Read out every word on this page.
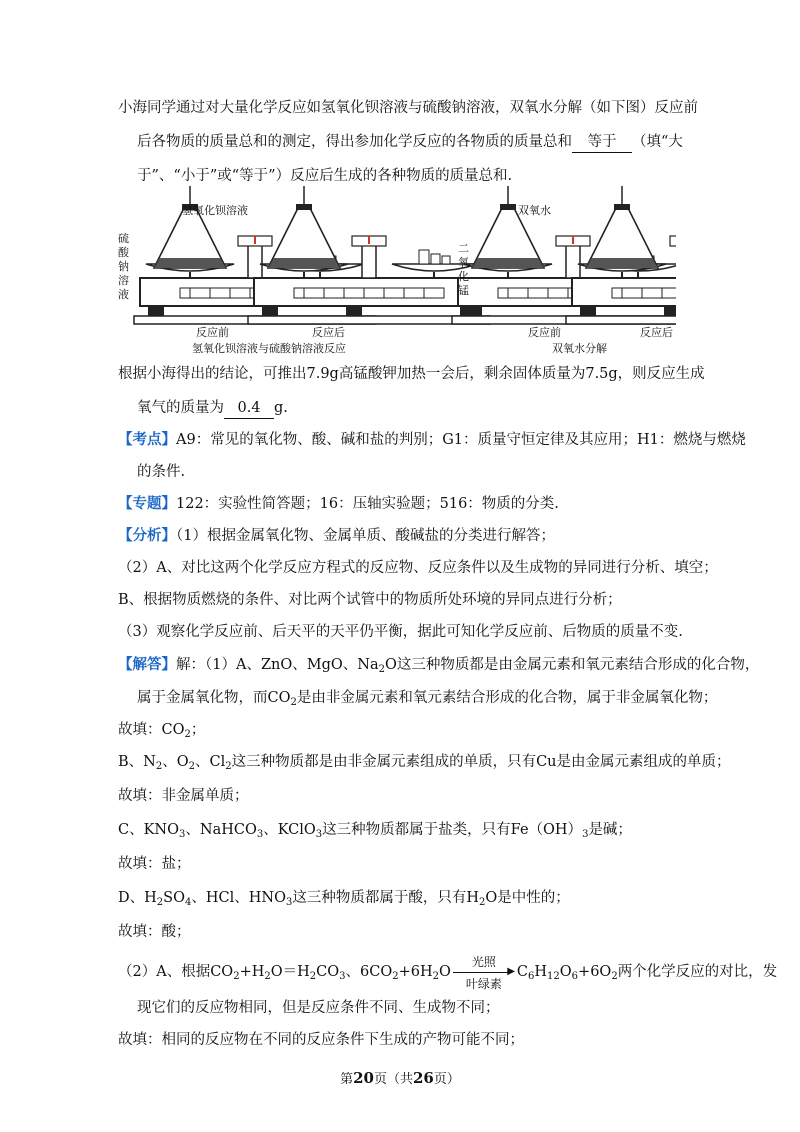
小海同学通过对大量化学反应如氢氧化钡溶液与硫酸钠溶液，双氧水分解（如下图）反应前
后各物质的质量总和的测定，得出参加化学反应的各物质的质量总和 等于 （填“大
于”、“小于”或“等于”）反应后生成的各种物质的质量总和.
氢氧化钡溶液	双氧水
硫
酸
钠
溶
液
二
氧
化
锰
反应前	反应后	反应前	反应后
氢氧化钡溶液与硫酸钠溶液反应	双氧水分解
根据小海得出的结论，可推出7.9g高锰酸钾加热一会后，剩余固体质量为7.5g，则反应生成
氧气的质量为 0.4 g.
【考点】A9：常见的氧化物、酸、碱和盐的判别；G1：质量守恒定律及其应用；H1：燃烧与燃烧
的条件.
【专题】122：实验性简答题；16：压轴实验题；516：物质的分类.
【分析】（1）根据金属氧化物、金属单质、酸碱盐的分类进行解答；
（2）A、对比这两个化学反应方程式的反应物、反应条件以及生成物的异同进行分析、填空；
B、根据物质燃烧的条件、对比两个试管中的物质所处环境的异同点进行分析；
（3）观察化学反应前、后天平的天平仍平衡，据此可知化学反应前、后物质的质量不变.
【解答】解：（1）A、ZnO、MgO、$Na_2O$这三种物质都是由金属元素和氧元素结合形成的化合物，
属于金属氧化物，而$CO_2$是由非金属元素和氧元素结合形成的化合物，属于非金属氧化物；
故填：$CO_2$；
B、$N_2$、$O_2$、$Cl_2$这三种物质都是由非金属元素组成的单质，只有Cu是由金属元素组成的单质；
故填：非金属单质；
C、$KNO_3$、NaHCO$_3$、KClO$_3$这三种物质都属于盐类，只有$Fe(OH)_3$是碱；
故填：盐；
D、$H_2SO_4$、HCl、$HNO_3$这三种物质都属于酸，只有$H_2O$是中性的；
故填：酸；
（2）A、根据$CO_2+H_2O=H_2CO_3$、$6CO_2+6H_2O$
光照
▶
叶绿素
$C_6H_{12}O_6+6O_2$两个化学反应的对比，发
现它们的反应物相同，但是反应条件不同、生成物不同；
故填：相同的反应物在不同的反应条件下生成的产物可能不同；
第20页（共26页）
